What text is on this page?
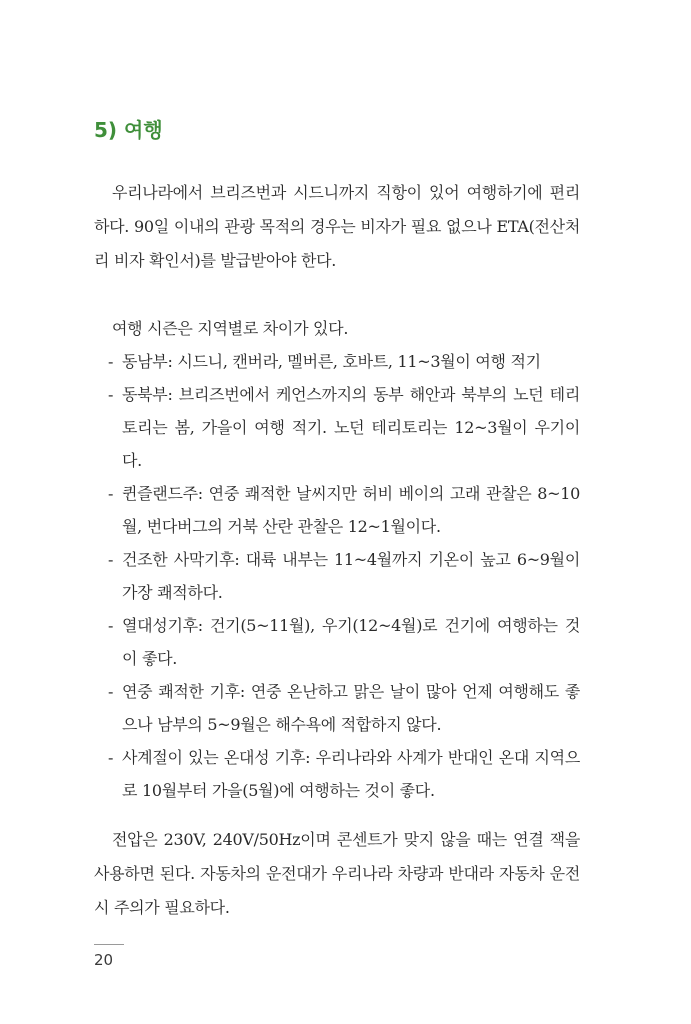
5) 여행

우리나라에서 브리즈번과 시드니까지 직항이 있어 여행하기에 편리하다. 90일 이내의 관광 목적의 경우는 비자가 필요 없으나 ETA(전산처리 비자 확인서)를 발급받아야 한다.

여행 시즌은 지역별로 차이가 있다.

- 동남부: 시드니, 캔버라, 멜버른, 호바트, 11~3월이 여행 적기
- 동북부: 브리즈번에서 케언스까지의 동부 해안과 북부의 노던 테리토리는 봄, 가을이 여행 적기. 노던 테리토리는 12~3월이 우기이다.
- 퀸즐랜드주: 연중 쾌적한 날씨지만 허비 베이의 고래 관찰은 8~10월, 번다버그의 거북 산란 관찰은 12~1월이다.
- 건조한 사막기후: 대륙 내부는 11~4월까지 기온이 높고 6~9월이 가장 쾌적하다.
- 열대성기후: 건기(5~11월), 우기(12~4월)로 건기에 여행하는 것이 좋다.
- 연중 쾌적한 기후: 연중 온난하고 맑은 날이 많아 언제 여행해도 좋으나 남부의 5~9월은 해수욕에 적합하지 않다.
- 사계절이 있는 온대성 기후: 우리나라와 사계가 반대인 온대 지역으로 10월부터 가을(5월)에 여행하는 것이 좋다.

전압은 230V, 240V/50Hz이며 콘센트가 맞지 않을 때는 연결 잭을 사용하면 된다. 자동차의 운전대가 우리나라 차량과 반대라 자동차 운전 시 주의가 필요하다.

20
